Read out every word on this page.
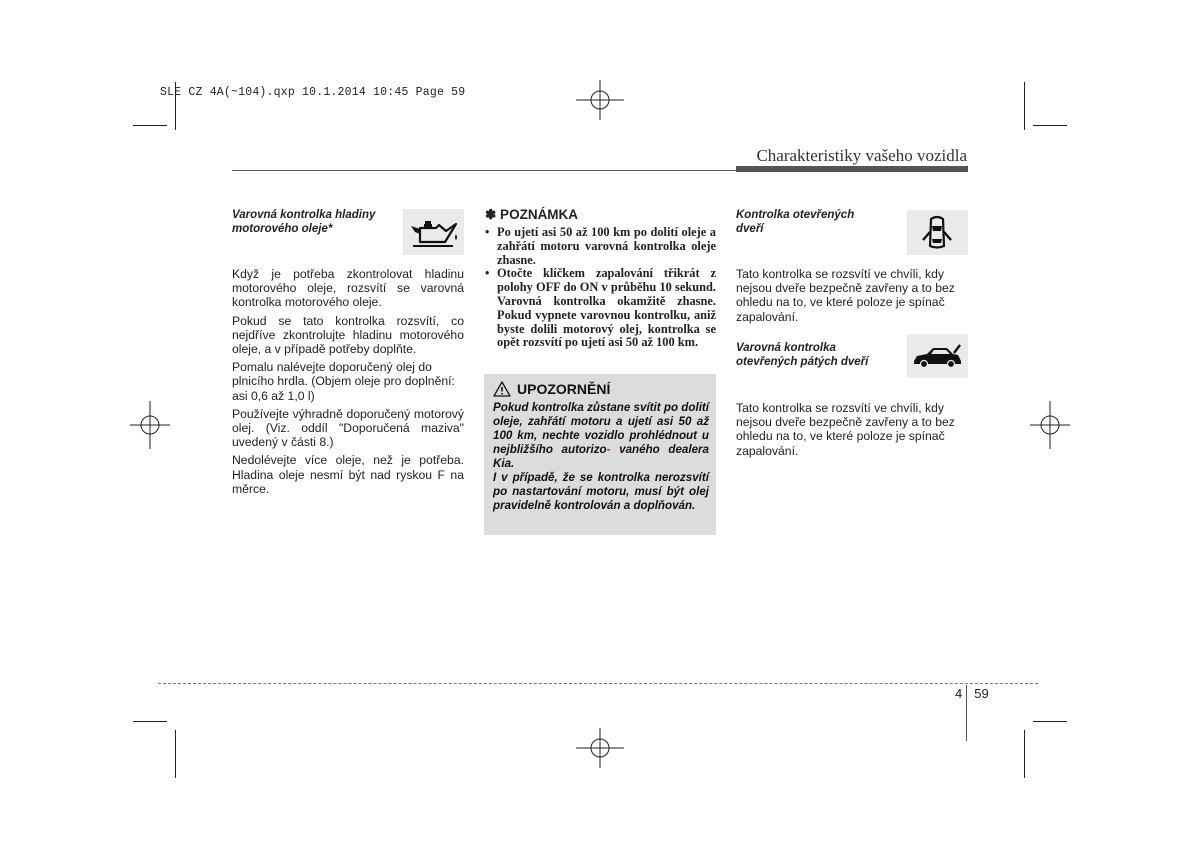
SLE CZ 4A(~104).qxp 10.1.2014 10:45 Page 59
Charakteristiky vašeho vozidla
Varovná kontrolka hladiny
motorového oleje*

Když je potřeba zkontrolovat hladinu motorového oleje, rozsvítí se varovná kontrolka motorového oleje.

Pokud se tato kontrolka rozsvítí, co nejdříve zkontrolujte hladinu motorového oleje, a v případě potřeby doplňte.

Pomalu nalévejte doporučený olej do plnicího hrdla. (Objem oleje pro doplnění: asi 0,6 až 1,0 l)

Používejte výhradně doporučený motorový olej. (Viz. oddíl "Doporučená maziva" uvedený v části 8.)

Nedolévejte více oleje, než je potřeba. Hladina oleje nesmí být nad ryskou F na měrce.

✽ POZNÁMKA
• Po ujetí asi 50 až 100 km po dolití oleje a zahřátí motoru varovná kontrolka oleje zhasne.
• Otočte klíčkem zapalování třikrát z polohy OFF do ON v průběhu 10 sekund. Varovná kontrolka okamžitě zhasne. Pokud vypnete varovnou kontrolku, aniž byste dolili motorový olej, kontrolka se opět rozsvítí po ujetí asi 50 až 100 km.
UPOZORNĚNÍ

Pokud kontrolka zůstane svítit po dolití oleje, zahřátí motoru a ujetí asi 50 až 100 km, nechte vozidlo prohlédnout u nejbližšího autorizo- vaného dealera Kia.

I v případě, že se kontrolka nerozsvítí po nastartování motoru, musí být olej pravidelně kontrolován a doplňován.

Kontrolka otevřených
dveří
Tato kontrolka se rozsvítí ve chvíli, kdy nejsou dveře bezpečně zavřeny a to bez ohledu na to, ve které poloze je spínač zapalování.
Varovná kontrolka
otevřených pátých dveří
Tato kontrolka se rozsvítí ve chvíli, kdy nejsou dveře bezpečně zavřeny a to bez ohledu na to, ve které poloze je spínač zapalování.
4 59
